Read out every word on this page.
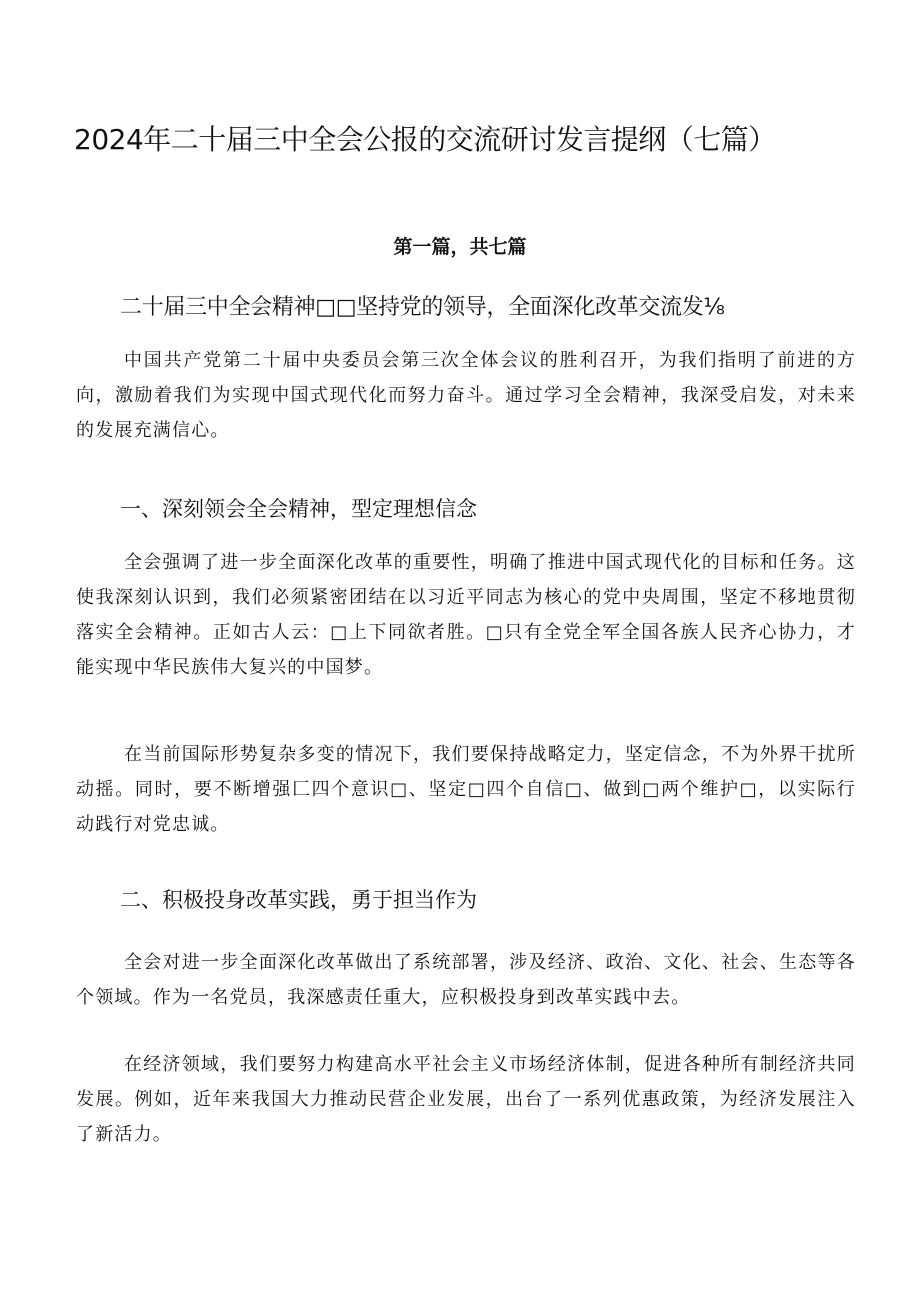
2024年二十届三中全会公报的交流研讨发言提纲（七篇）
第一篇，共七篇
二十届三中全会精神□□坚持党的领导，全面深化改革交流发⅛

中国共产党第二十届中央委员会第三次全体会议的胜利召开，为我们指明了前进的方向，激励着我们为实现中国式现代化而努力奋斗。通过学习全会精神，我深受启发，对未来的发展充满信心。

一、深刻领会全会精神，型定理想信念

全会强调了进一步全面深化改革的重要性，明确了推进中国式现代化的目标和任务。这使我深刻认识到，我们必须紧密团结在以习近平同志为核心的党中央周围，坚定不移地贯彻落实全会精神。正如古人云：□上下同欲者胜。□只有全党全军全国各族人民齐心协力，才能实现中华民族伟大复兴的中国梦。

在当前国际形势复杂多变的情况下，我们要保持战略定力，坚定信念，不为外界干扰所动摇。同时，要不断增强匚四个意识□、坚定□四个自信□、做到□两个维护□，以实际行动践行对党忠诚。

二、积极投身改革实践，勇于担当作为

全会对进一步全面深化改革做出了系统部署，涉及经济、政治、文化、社会、生态等各个领域。作为一名党员，我深感责任重大，应积极投身到改革实践中去。

在经济领域，我们要努力构建高水平社会主义市场经济体制，促进各种所有制经济共同发展。例如，近年来我国大力推动民营企业发展，出台了一系列优惠政策，为经济发展注入了新活力。
